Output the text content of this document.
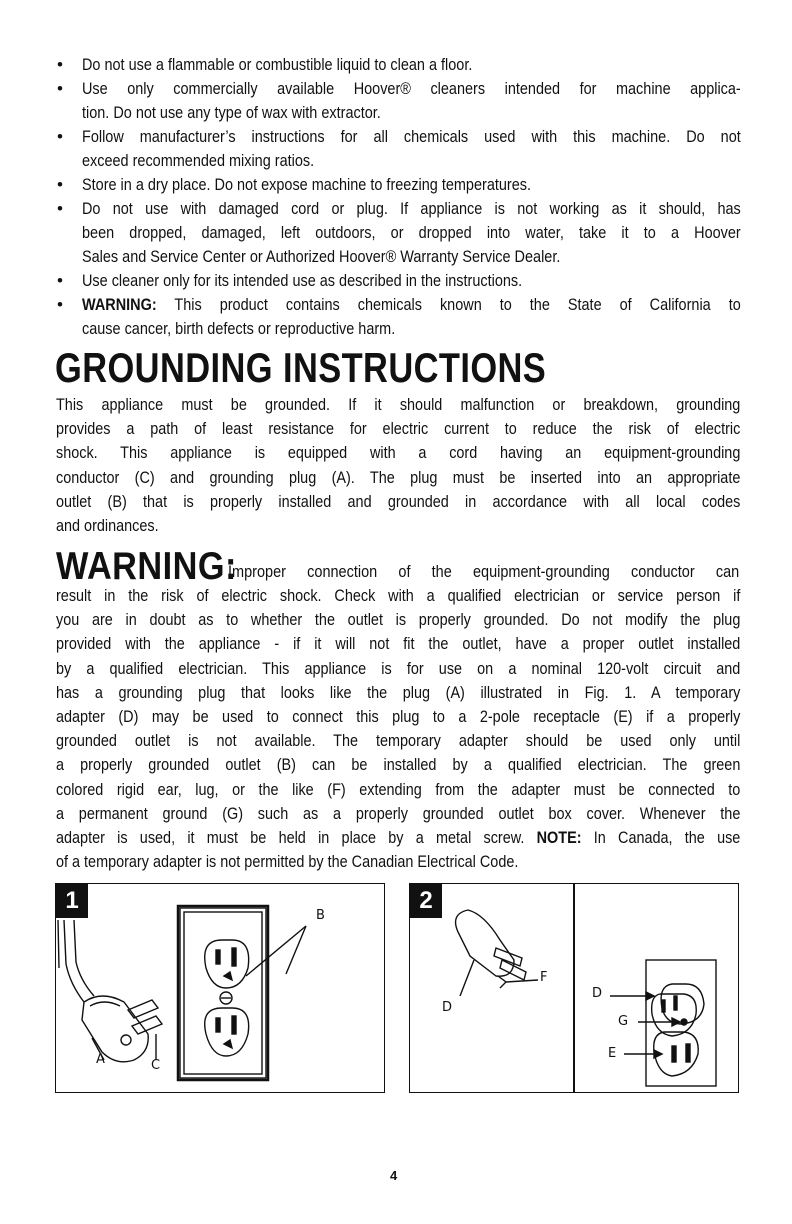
• Do not use a flammable or combustible liquid to clean a floor.
• Use only commercially available Hoover® cleaners intended for machine applica-
tion. Do not use any type of wax with extractor.
• Follow manufacturer’s instructions for all chemicals used with this machine. Do not
exceed recommended mixing ratios.
• Store in a dry place. Do not expose machine to freezing temperatures.
• Do not use with damaged cord or plug. If appliance is not working as it should, has
been dropped, damaged, left outdoors, or dropped into water, take it to a Hoover
Sales and Service Center or Authorized Hoover® Warranty Service Dealer.
• Use cleaner only for its intended use as described in the instructions.
• WARNING: This product contains chemicals known to the State of California to
cause cancer, birth defects or reproductive harm.
GROUNDING INSTRUCTIONS
This appliance must be grounded. If it should malfunction or breakdown, grounding
provides a path of least resistance for electric current to reduce the risk of electric
shock. This appliance is equipped with a cord having an equipment-grounding
conductor (C) and grounding plug (A). The plug must be inserted into an appropriate
outlet (B) that is properly installed and grounded in accordance with all local codes
and ordinances.
WARNING:
Improper connection of the equipment-grounding conductor can
result in the risk of electric shock. Check with a qualified electrician or service person if
you are in doubt as to whether the outlet is properly grounded. Do not modify the plug
provided with the appliance - if it will not fit the outlet, have a proper outlet installed
by a qualified electrician. This appliance is for use on a nominal 120-volt circuit and
has a grounding plug that looks like the plug (A) illustrated in Fig. 1. A temporary
adapter (D) may be used to connect this plug to a 2-pole receptacle (E) if a properly
grounded outlet is not available. The temporary adapter should be used only until
a properly grounded outlet (B) can be installed by a qualified electrician. The green
colored rigid ear, lug, or the like (F) extending from the adapter must be connected to
a permanent ground (G) such as a properly grounded outlet box cover. Whenever the
adapter is used, it must be held in place by a metal screw. NOTE: In Canada, the use
of a temporary adapter is not permitted by the Canadian Electrical Code.
1
B
A	C
2
F
D
D
G
E
4
